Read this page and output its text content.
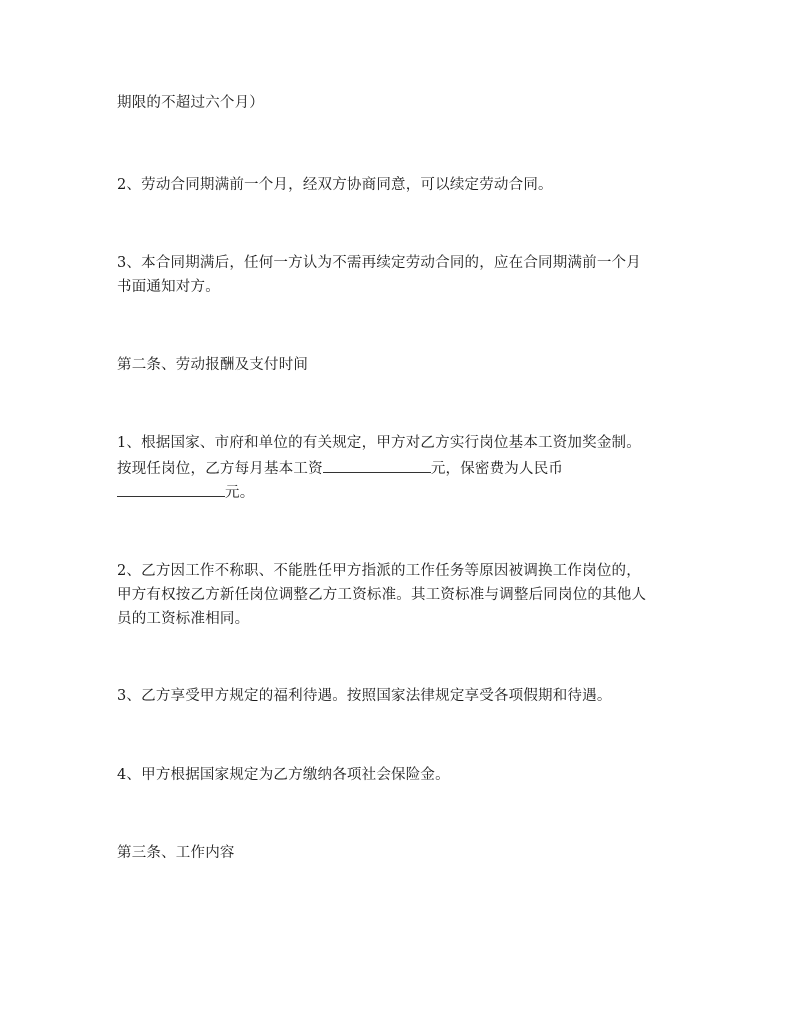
期限的不超过六个月）
2、劳动合同期满前一个月，经双方协商同意，可以续定劳动合同。
3、本合同期满后，任何一方认为不需再续定劳动合同的，应在合同期满前一个月
书面通知对方。
第二条、劳动报酬及支付时间
1、根据国家、市府和单位的有关规定，甲方对乙方实行岗位基本工资加奖金制。
按现任岗位，乙方每月基本工资	元，保密费为人民币
元。
2、乙方因工作不称职、不能胜任甲方指派的工作任务等原因被调换工作岗位的，
甲方有权按乙方新任岗位调整乙方工资标准。其工资标准与调整后同岗位的其他人
员的工资标准相同。
3、乙方享受甲方规定的福利待遇。按照国家法律规定享受各项假期和待遇。
4、甲方根据国家规定为乙方缴纳各项社会保险金。
第三条、工作内容
